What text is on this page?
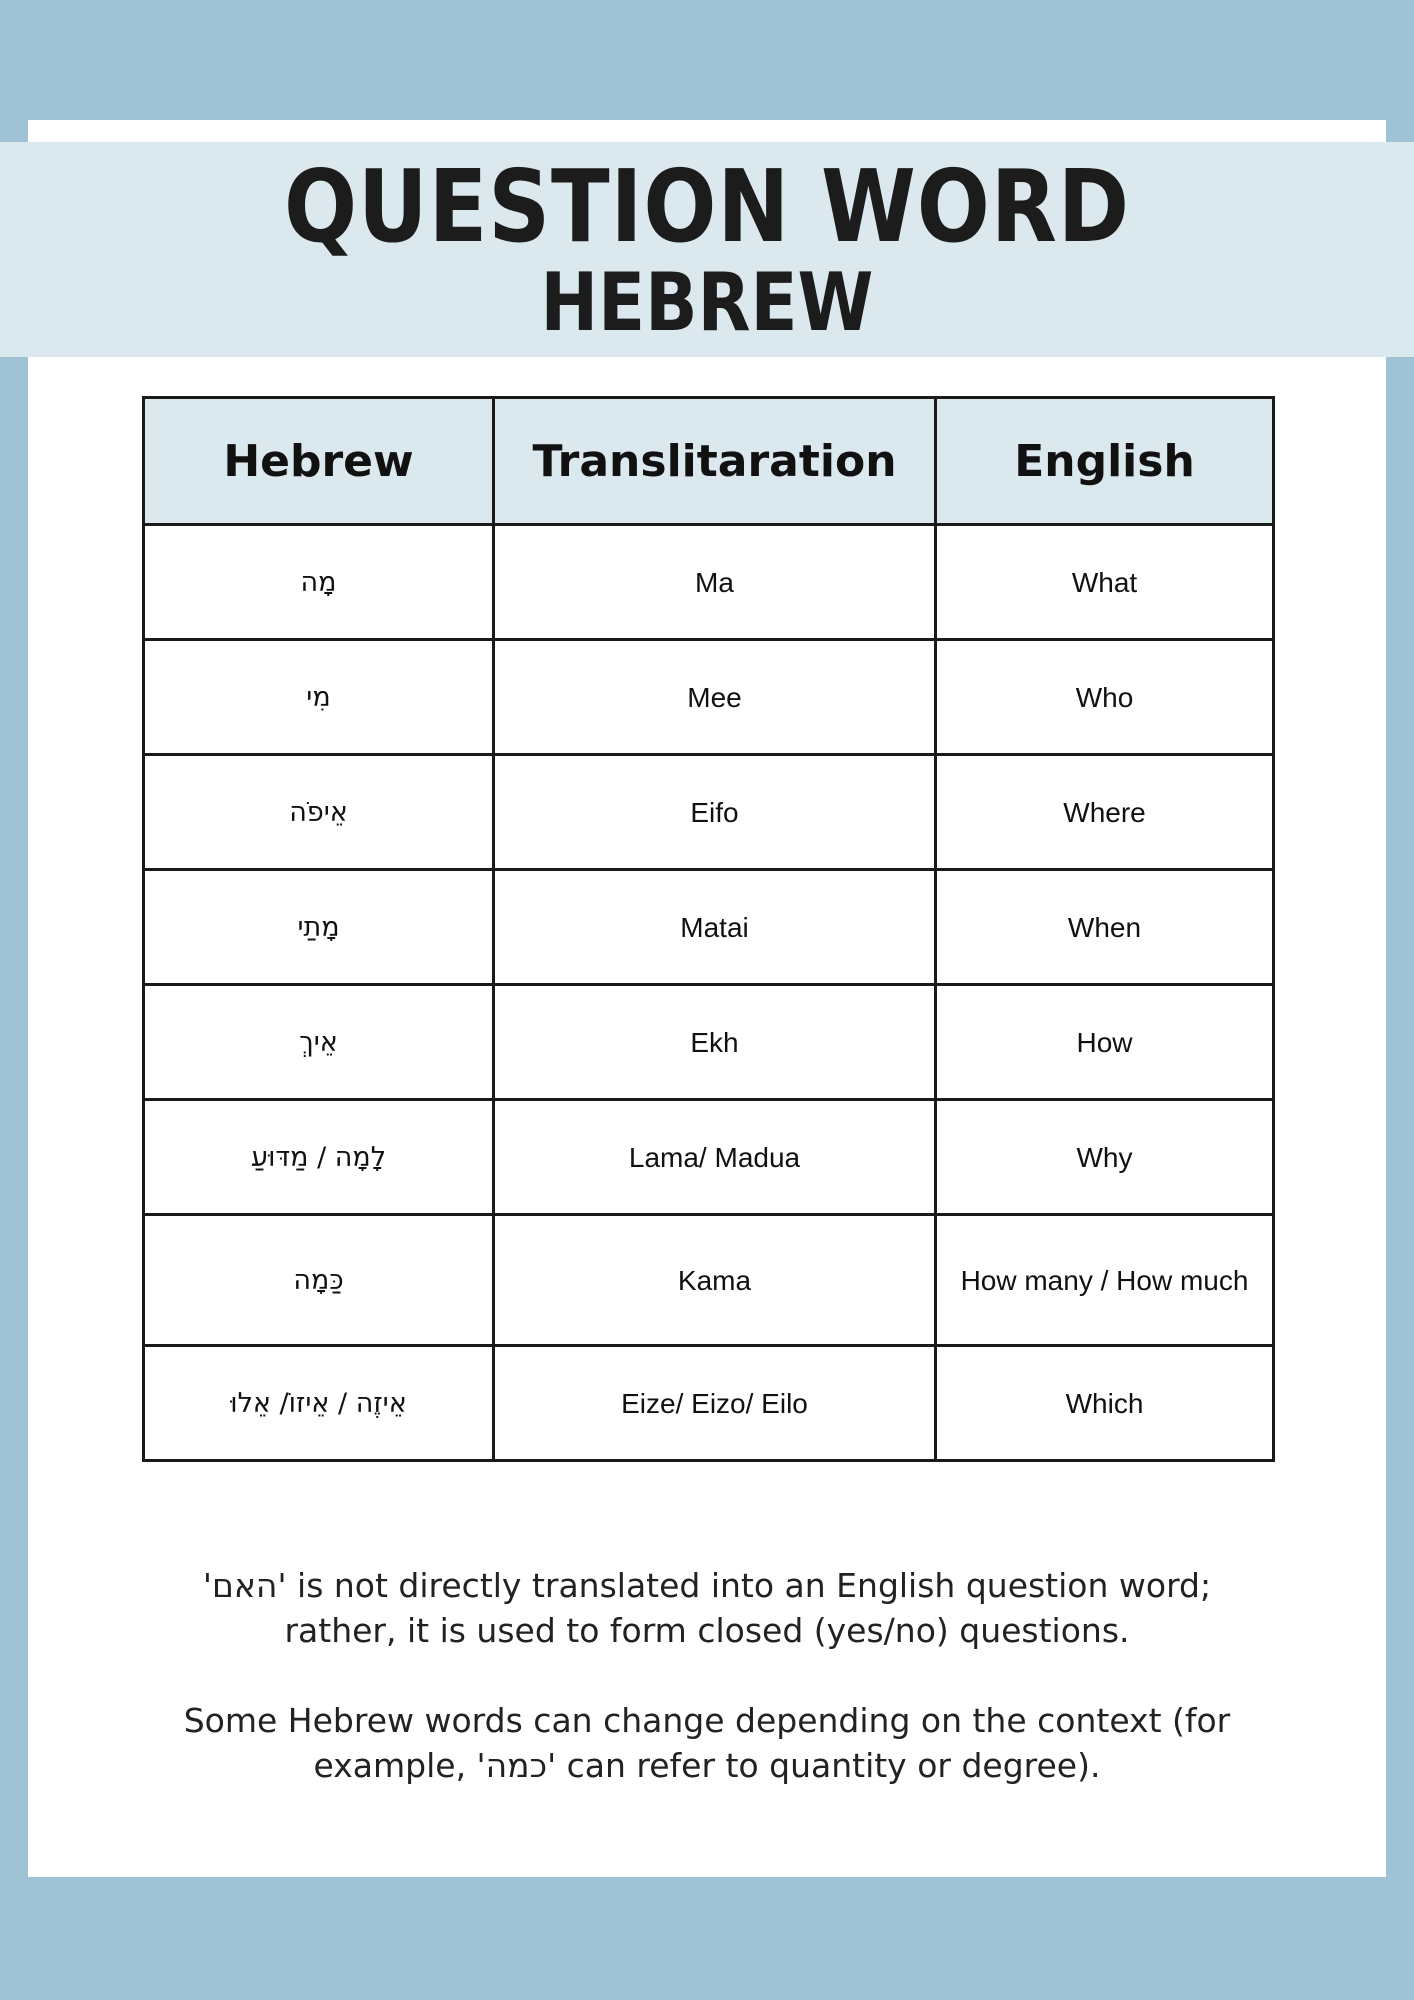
QUESTION WORD
HEBREW
Hebrew	Translitaration	English
מָה	Ma	What
מִי	Mee	Who
אֵיפֹה	Eifo	Where
מָתַי	Matai	When
אֵיךְ	Ekh	How
לָמָה / מַדּוּעַ	Lama/ Madua	Why
כַּמָה	Kama	How many / How much
אֵיזֶה / אֵיזוֹ/ אֵלוּ	Eize/ Eizo/ Eilo	Which
'האם' is not directly translated into an English question word; rather, it is used to form closed (yes/no) questions.
Some Hebrew words can change depending on the context (for example, 'כמה' can refer to quantity or degree).
